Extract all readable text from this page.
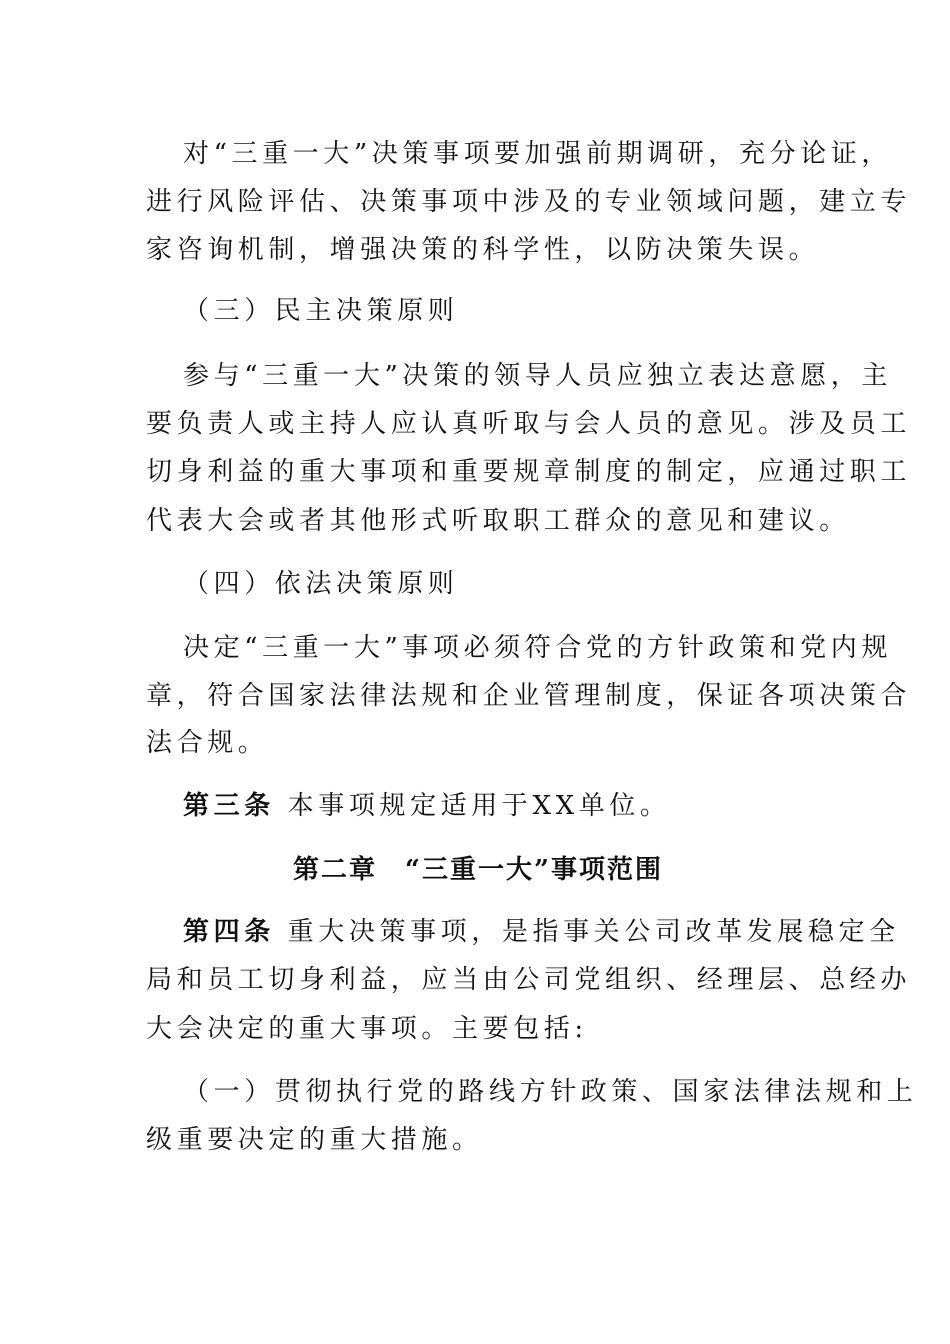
对“三重一大”决策事项要加强前期调研，充分论证，
进行风险评估、决策事项中涉及的专业领域问题，建立专
家咨询机制，增强决策的科学性，以防决策失误。
（三）民主决策原则
参与“三重一大”决策的领导人员应独立表达意愿，主
要负责人或主持人应认真听取与会人员的意见。涉及员工
切身利益的重大事项和重要规章制度的制定，应通过职工
代表大会或者其他形式听取职工群众的意见和建议。
（四）依法决策原则
决定“三重一大”事项必须符合党的方针政策和党内规
章，符合国家法律法规和企业管理制度，保证各项决策合
法合规。
第三条 本事项规定适用于XX单位。
第二章　“三重一大”事项范围
第四条 重大决策事项，是指事关公司改革发展稳定全
局和员工切身利益，应当由公司党组织、经理层、总经办
大会决定的重大事项。主要包括:
（一）贯彻执行党的路线方针政策、国家法律法规和上
级重要决定的重大措施。
